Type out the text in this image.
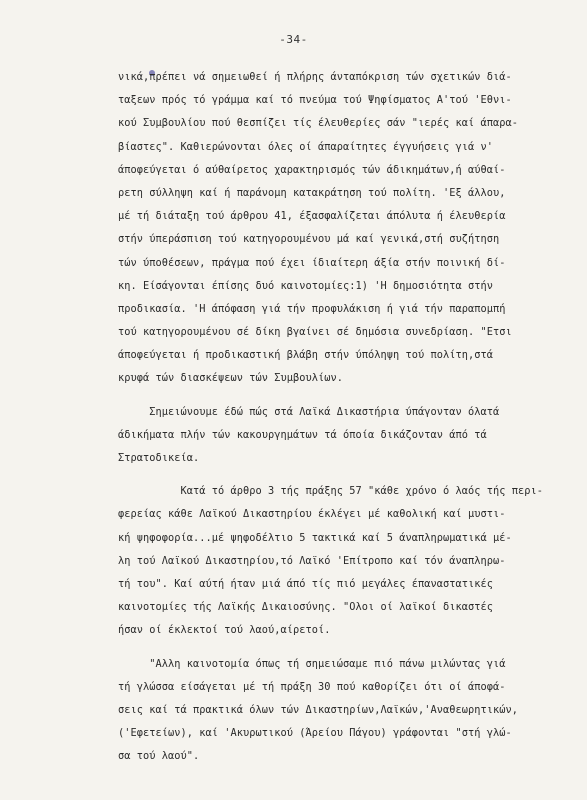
-34-
νικά,πρέπει νά σημειωθεί ή πλήρης άνταπόκριση τών σχετικών διά-
ταξεων πρός τό γράμμα καί τό πνεύμα τού Ψηφίσματος Α'τού 'Εθνι-
κού Συμβουλίου πού θεσπίζει τίς έλευθερίες σάν "ιερές καί άπαρα-
βίαστες". Καθιερώνονται όλες οί άπαραίτητες έγγυήσεις γιά ν'
άποφεύγεται ό αύθαίρετος χαρακτηρισμός τών άδικημάτων,ή αύθαί-
ρετη σύλληψη καί ή παράνομη κατακράτηση τού πολίτη. 'Εξ άλλου,
μέ τή διάταξη τού άρθρου 41, έξασφαλίζεται άπόλυτα ή έλευθερία
στήν ύπεράσπιση τού κατηγορουμένου μά καί γενικά,στή συζήτηση
τών ύποθέσεων, πράγμα πού έχει ίδιαίτερη άξία στήν ποινική δί-
κη. Είσάγονται έπίσης δυό καινοτομίες:1) 'Η δημοσιότητα στήν
προδικασία. 'Η άπόφαση γιά τήν προφυλάκιση ή γιά τήν παραπομπή
τού κατηγορουμένου σέ δίκη βγαίνει σέ δημόσια συνεδρίαση. "Ετσι
άποφεύγεται ή προδικαστική βλάβη στήν ύπόληψη τού πολίτη,στά
κρυφά τών διασκέψεων τών Συμβουλίων.
Σημειώνουμε έδώ πώς στά Λαϊκά Δικαστήρια ύπάγονταν όλατά
άδικήματα πλήν τών κακουργημάτων τά όποία δικάζονταν άπό τά
Στρατοδικεία.
Κατά τό άρθρο 3 τής πράξης 57 "κάθε χρόνο ό λαός τής περι-
φερείας κάθε Λαϊκού Δικαστηρίου έκλέγει μέ καθολική καί μυστι-
κή ψηφοφορία...μέ ψηφοδέλτιο 5 τακτικά καί 5 άναπληρωματικά μέ-
λη τού Λαϊκού Δικαστηρίου,τό Λαϊκό 'Επίτροπο καί τόν άναπληρω-
τή του". Καί αύτή ήταν μιά άπό τίς πιό μεγάλες έπαναστατικές
καινοτομίες τής Λαϊκής Δικαιοσύνης. "Ολοι οί λαϊκοί δικαστές
ήσαν οί έκλεκτοί τού λαού,αίρετοί.
"Αλλη καινοτομία όπως τή σημειώσαμε πιό πάνω μιλώντας γιά
τή γλώσσα είσάγεται μέ τή πράξη 30 πού καθορίζει ότι οί άποφά-
σεις καί τά πρακτικά όλων τών Δικαστηρίων,Λαϊκών,'Αναθεωρητικών,
('Εφετείων), καί 'Ακυρωτικού (Άρείου Πάγου) γράφονται "στή γλώ-
σα τού λαού".
